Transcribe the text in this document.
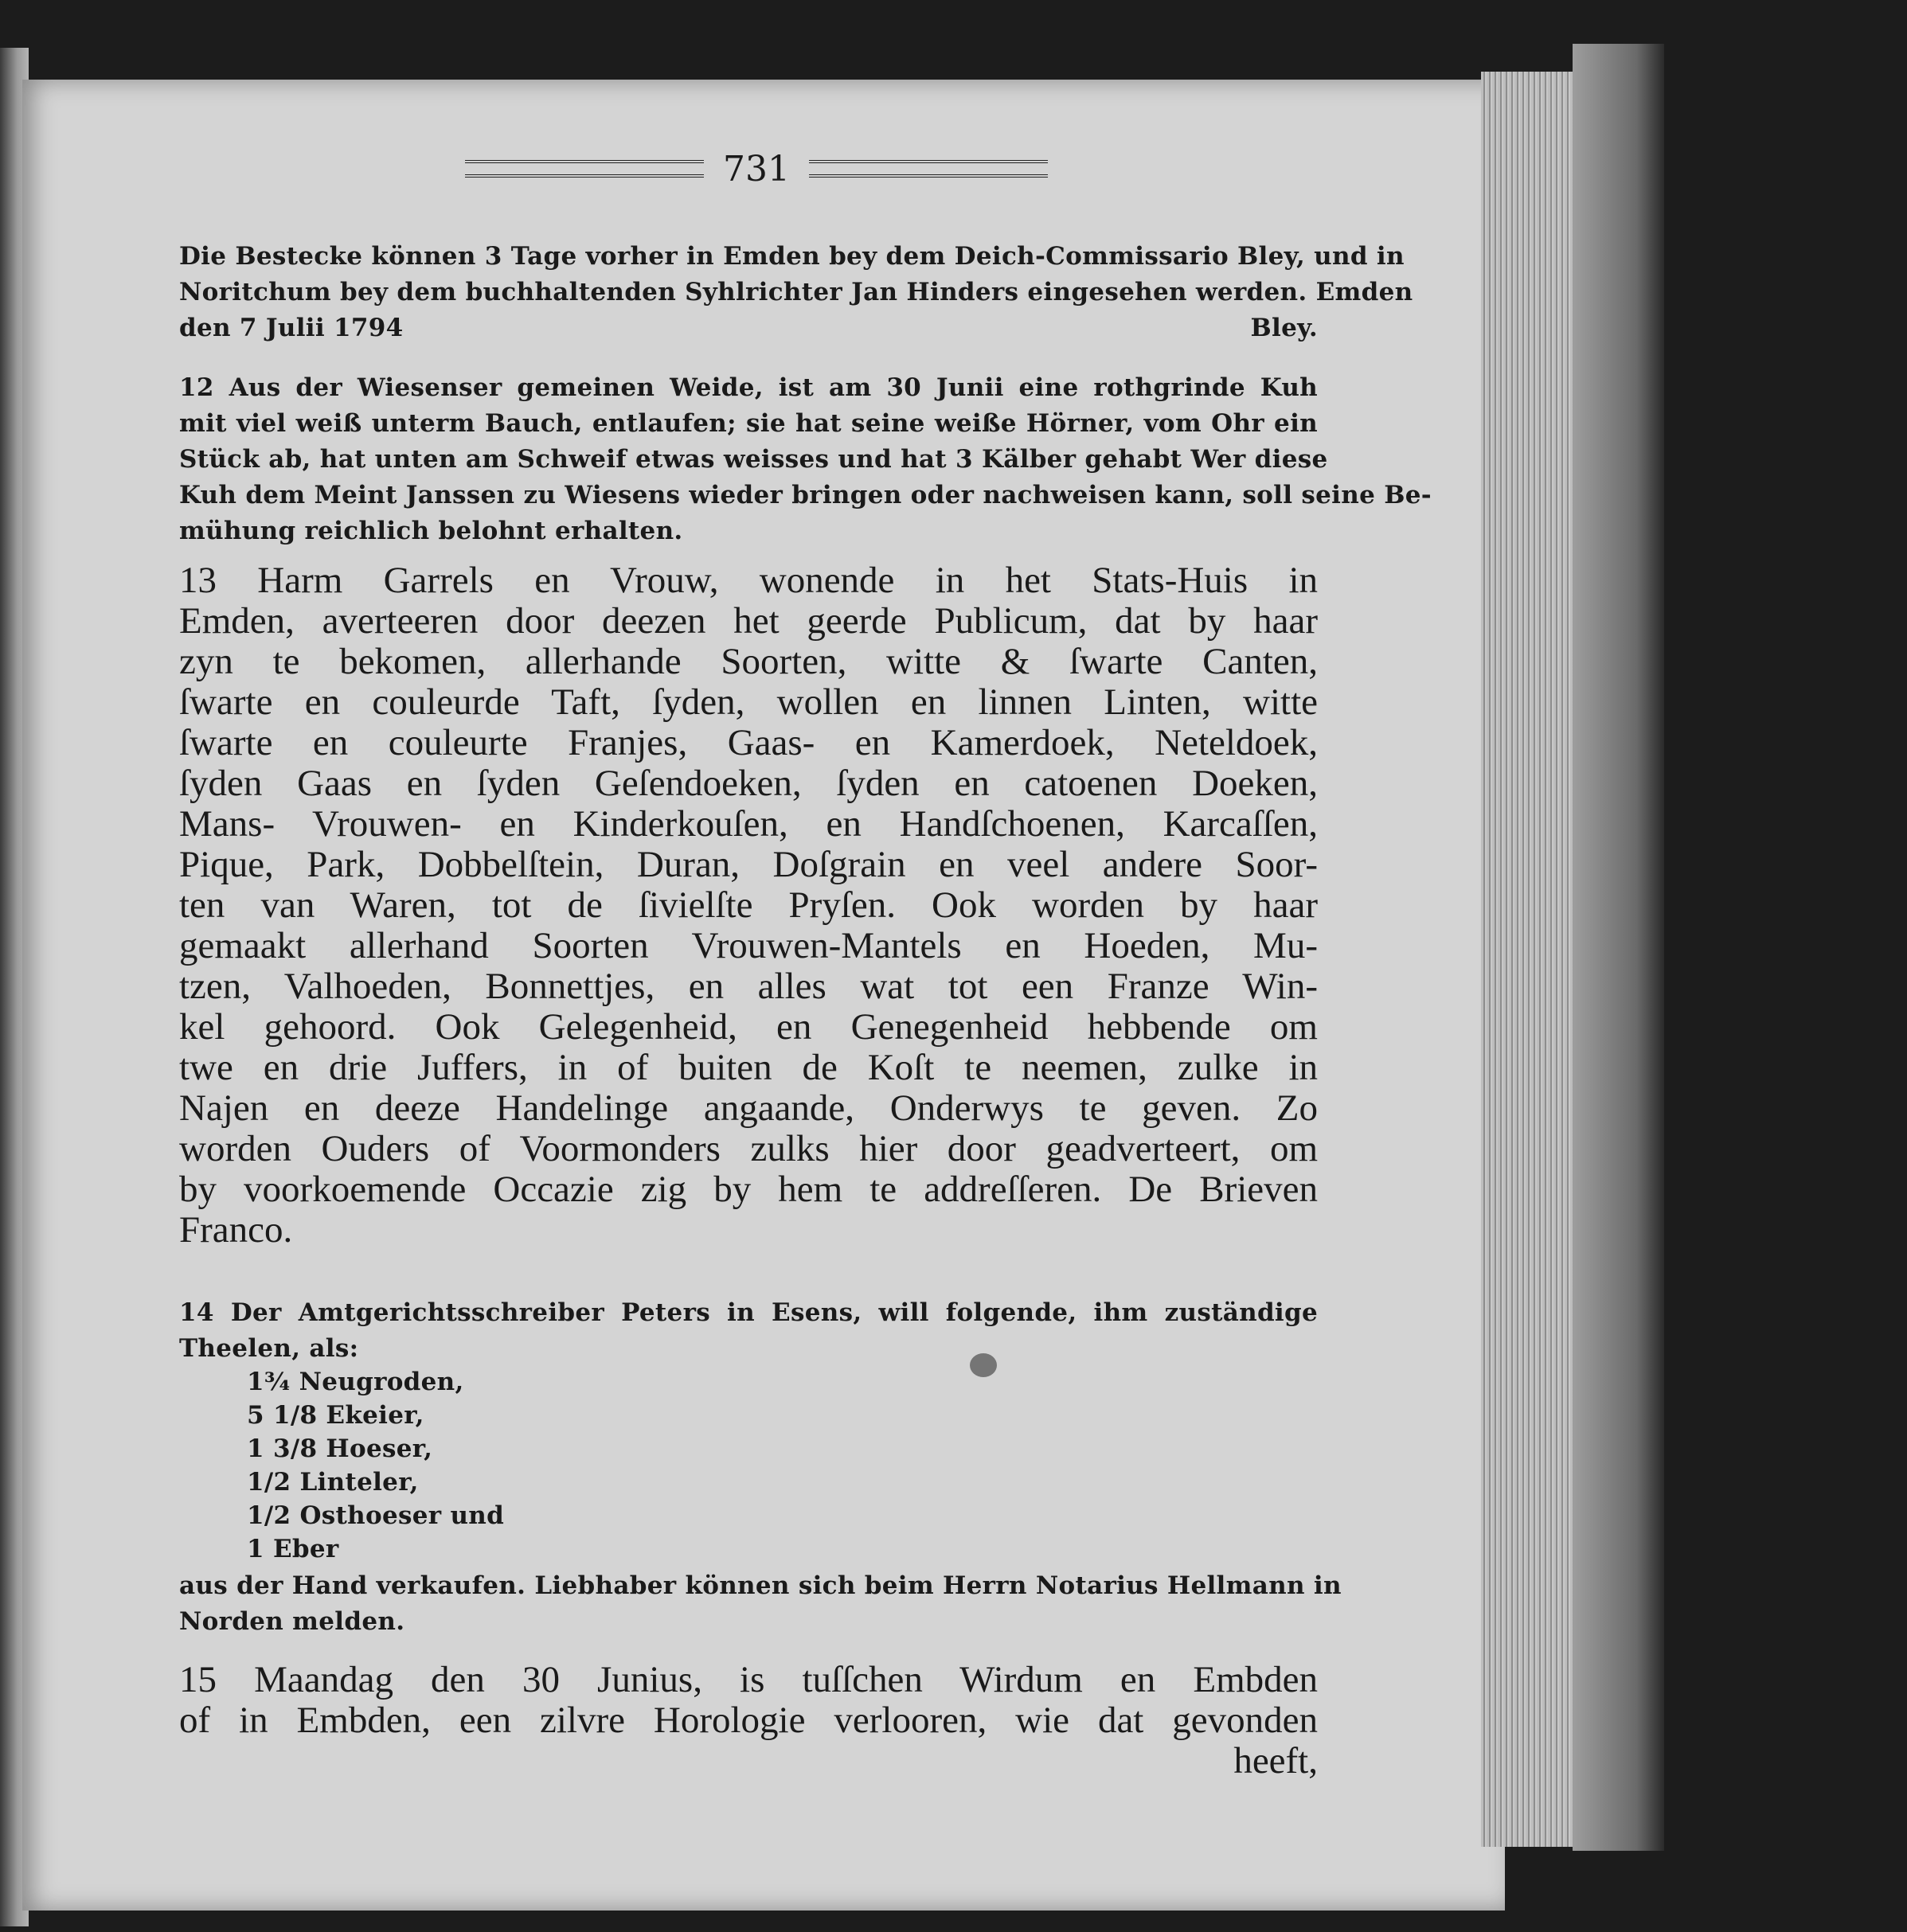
731
Die Bestecke können 3 Tage vorher in Emden bey dem Deich-Commissario Bley, und in
Noritchum bey dem buchhaltenden Syhlrichter Jan Hinders eingesehen werden. Emden
den 7 Julii 1794	Bley.
12 Aus der Wiesenser gemeinen Weide, ist am 30 Junii eine rothgrinde Kuh
mit viel weiß unterm Bauch, entlaufen; sie hat seine weiße Hörner, vom Ohr ein
Stück ab, hat unten am Schweif etwas weisses und hat 3 Kälber gehabt Wer diese
Kuh dem Meint Janssen zu Wiesens wieder bringen oder nachweisen kann, soll seine Be-
mühung reichlich belohnt erhalten.
13 Harm Garrels en Vrouw, wonende in het Stats-Huis in
Emden, averteeren door deezen het geerde Publicum, dat by haar
zyn te bekomen, allerhande Soorten, witte & ſwarte Canten,
ſwarte en couleurde Taft, ſyden, wollen en linnen Linten, witte
ſwarte en couleurte Franjes, Gaas- en Kamerdoek, Neteldoek,
ſyden Gaas en ſyden Geſendoeken, ſyden en catoenen Doeken,
Mans- Vrouwen- en Kinderkouſen, en Handſchoenen, Karcaſſen,
Pique, Park, Dobbelſtein, Duran, Doſgrain en veel andere Soor-
ten van Waren, tot de ſivielſte Pryſen. Ook worden by haar
gemaakt allerhand Soorten Vrouwen-Mantels en Hoeden, Mu-
tzen, Valhoeden, Bonnettjes, en alles wat tot een Franze Win-
kel gehoord. Ook Gelegenheid, en Genegenheid hebbende om
twe en drie Juffers, in of buiten de Koſt te neemen, zulke in
Najen en deeze Handelinge angaande, Onderwys te geven. Zo
worden Ouders of Voormonders zulks hier door geadverteert, om
by voorkoemende Occazie zig by hem te addreſſeren. De Brieven
Franco.
14 Der Amtgerichtsschreiber Peters in Esens, will folgende, ihm zuständige
Theelen, als:
1¾ Neugroden,
5 1/8 Ekeier,
1 3/8 Hoeser,
1/2 Linteler,
1/2 Osthoeser und
1 Eber
aus der Hand verkaufen. Liebhaber können sich beim Herrn Notarius Hellmann in
Norden melden.
15 Maandag den 30 Junius, is tuſſchen Wirdum en Embden
of in Embden, een zilvre Horologie verlooren, wie dat gevonden
heeft,
